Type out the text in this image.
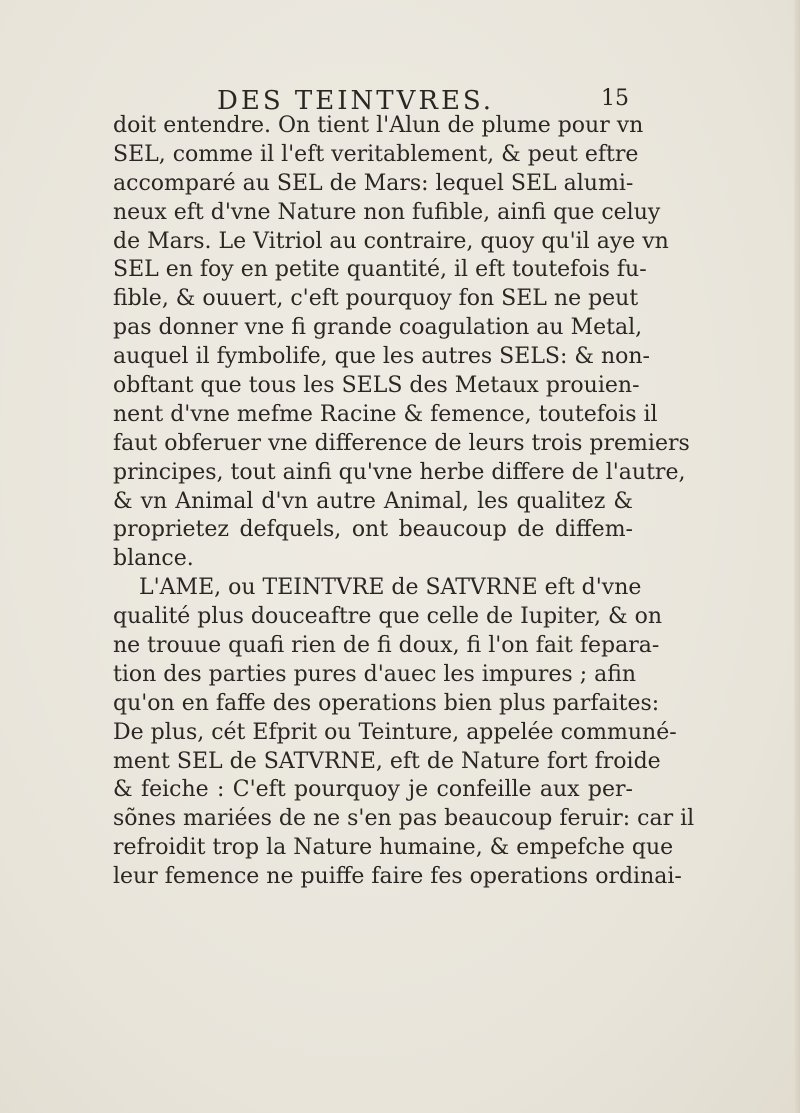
DES TEINTVRES.	15
doit entendre. On tient l'Alun de plume pour vn
SEL, comme il l'eft veritablement, & peut eftre
accomparé au SEL de Mars: lequel SEL alumi-
neux eft d'vne Nature non fufible, ainfi que celuy
de Mars. Le Vitriol au contraire, quoy qu'il aye vn
SEL en foy en petite quantité, il eft toutefois fu-
fible, & ouuert, c'eft pourquoy fon SEL ne peut
pas donner vne fi grande coagulation au Metal,
auquel il fymbolife, que les autres SELS: & non-
obftant que tous les SELS des Metaux prouien-
nent d'vne mefme Racine & femence, toutefois il
faut obferuer vne difference de leurs trois premiers
principes, tout ainfi qu'vne herbe differe de l'autre,
& vn Animal d'vn autre Animal, les qualitez &
proprietez defquels, ont beaucoup de diffem-
blance.
L'AME, ou TEINTVRE de SATVRNE eft d'vne
qualité plus douceaftre que celle de Iupiter, & on
ne trouue quafi rien de fi doux, fi l'on fait fepara-
tion des parties pures d'auec les impures ; afin
qu'on en faffe des operations bien plus parfaites:
De plus, cét Efprit ou Teinture, appelée communé-
ment SEL de SATVRNE, eft de Nature fort froide
& feiche : C'eft pourquoy je confeille aux per-
sõnes mariées de ne s'en pas beaucoup feruir: car il
refroidit trop la Nature humaine, & empefche que
leur femence ne puiffe faire fes operations ordinai-
